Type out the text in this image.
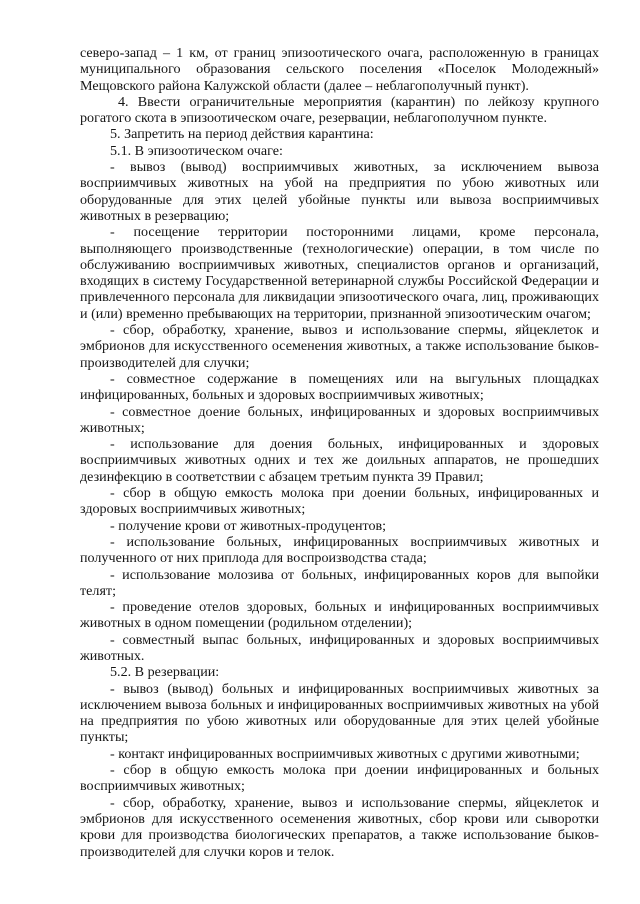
северо-запад – 1 км, от границ эпизоотического очага, расположенную в границах муниципального образования сельского поселения «Поселок Молодежный» Мещовского района Калужской области (далее – неблагополучный пункт).

4. Ввести ограничительные мероприятия (карантин) по лейкозу крупного рогатого скота в эпизоотическом очаге, резервации, неблагополучном пункте.

5. Запретить на период действия карантина:

5.1. В эпизоотическом очаге:

- вывоз (вывод) восприимчивых животных, за исключением вывоза восприимчивых животных на убой на предприятия по убою животных или оборудованные для этих целей убойные пункты или вывоза восприимчивых животных в резервацию;

- посещение территории посторонними лицами, кроме персонала, выполняющего производственные (технологические) операции, в том числе по обслуживанию восприимчивых животных, специалистов органов и организаций, входящих в систему Государственной ветеринарной службы Российской Федерации и привлеченного персонала для ликвидации эпизоотического очага, лиц, проживающих и (или) временно пребывающих на территории, признанной эпизоотическим очагом;

- сбор, обработку, хранение, вывоз и использование спермы, яйцеклеток и эмбрионов для искусственного осеменения животных, а также использование быков-производителей для случки;

- совместное содержание в помещениях или на выгульных площадках инфицированных, больных и здоровых восприимчивых животных;

- совместное доение больных, инфицированных и здоровых восприимчивых животных;

- использование для доения больных, инфицированных и здоровых восприимчивых животных одних и тех же доильных аппаратов, не прошедших дезинфекцию в соответствии с абзацем третьим пункта 39 Правил;

- сбор в общую емкость молока при доении больных, инфицированных и здоровых восприимчивых животных;

- получение крови от животных-продуцентов;

- использование больных, инфицированных восприимчивых животных и полученного от них приплода для воспроизводства стада;

- использование молозива от больных, инфицированных коров для выпойки телят;

- проведение отелов здоровых, больных и инфицированных восприимчивых животных в одном помещении (родильном отделении);

- совместный выпас больных, инфицированных и здоровых восприимчивых животных.

5.2. В резервации:

- вывоз (вывод) больных и инфицированных восприимчивых животных за исключением вывоза больных и инфицированных восприимчивых животных на убой на предприятия по убою животных или оборудованные для этих целей убойные пункты;

- контакт инфицированных восприимчивых животных с другими животными;

- сбор в общую емкость молока при доении инфицированных и больных восприимчивых животных;

- сбор, обработку, хранение, вывоз и использование спермы, яйцеклеток и эмбрионов для искусственного осеменения животных, сбор крови или сыворотки крови для производства биологических препаратов, а также использование быков-производителей для случки коров и телок.
